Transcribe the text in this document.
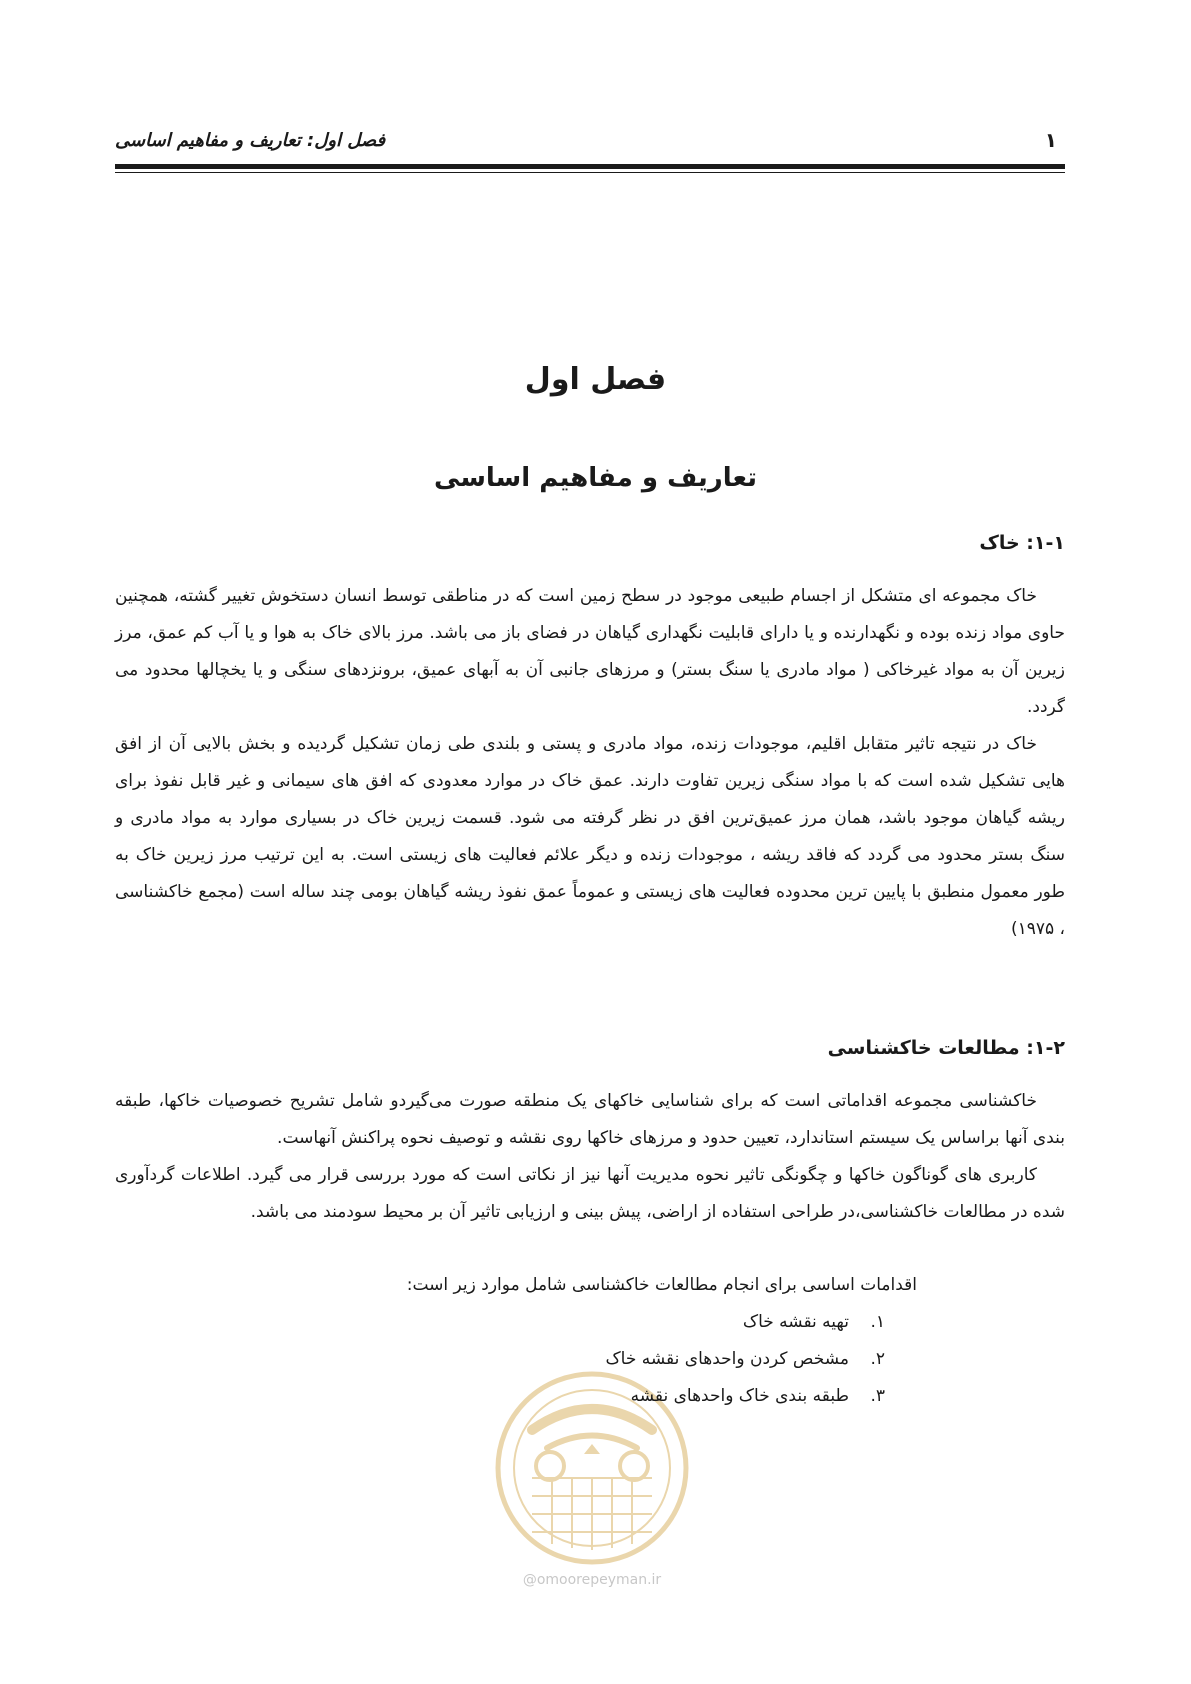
۱
فصل اول: تعاریف و مفاهیم اساسی
فصل اول
تعاریف و مفاهیم اساسی
۱-۱: خاک

خاک مجموعه ای متشکل از اجسام طبیعی موجود در سطح زمین است که در مناطقی توسط انسان دستخوش تغییر گشته، همچنین حاوی مواد زنده بوده و نگهدارنده و یا دارای قابلیت نگهداری گیاهان در فضای باز می باشد. مرز بالای خاک به هوا و یا آب کم عمق، مرز زیرین آن به مواد غیرخاکی ( مواد مادری یا سنگ بستر) و مرزهای جانبی آن به آبهای عمیق، برونزدهای سنگی و یا یخچالها محدود می گردد.

خاک در نتیجه تاثیر متقابل اقلیم، موجودات زنده، مواد مادری و پستی و بلندی طی زمان تشکیل گردیده و بخش بالایی آن از افق هایی تشکیل شده است که با مواد سنگی زیرین تفاوت دارند. عمق خاک در موارد معدودی که افق های سیمانی و غیر قابل نفوذ برای ریشه گیاهان موجود باشد، همان مرز عمیق‌ترین افق در نظر گرفته می شود. قسمت زیرین خاک در بسیاری موارد به مواد مادری و سنگ بستر محدود می گردد که فاقد ریشه ، موجودات زنده و دیگر علائم فعالیت های زیستی است. به این ترتیب مرز زیرین خاک به طور معمول منطبق با پایین ترین محدوده فعالیت های زیستی و عموماً عمق نفوذ ریشه گیاهان بومی چند ساله است (مجمع خاکشناسی ، ۱۹۷۵)

۱-۲: مطالعات خاکشناسی

خاکشناسی مجموعه اقداماتی است که برای شناسایی خاکهای یک منطقه صورت می‌گیردو شامل تشریح خصوصیات خاکها، طبقه بندی آنها براساس یک سیستم استاندارد، تعیین حدود و مرزهای خاکها روی نقشه و توصیف نحوه پراکنش آنهاست.

کاربری های گوناگون خاکها و چگونگی تاثیر نحوه مدیریت آنها نیز از نکاتی است که مورد بررسی قرار می گیرد. اطلاعات گردآوری شده در مطالعات خاکشناسی،در طراحی استفاده از اراضی، پیش بینی و ارزیابی تاثیر آن بر محیط سودمند می باشد.

@omoorepeyman.ir

اقدامات اساسی برای انجام مطالعات خاکشناسی شامل موارد زیر است:

۱.
تهیه نقشه خاک
۲.
مشخص کردن واحدهای نقشه خاک
۳.
طبقه بندی خاک واحدهای نقشه
